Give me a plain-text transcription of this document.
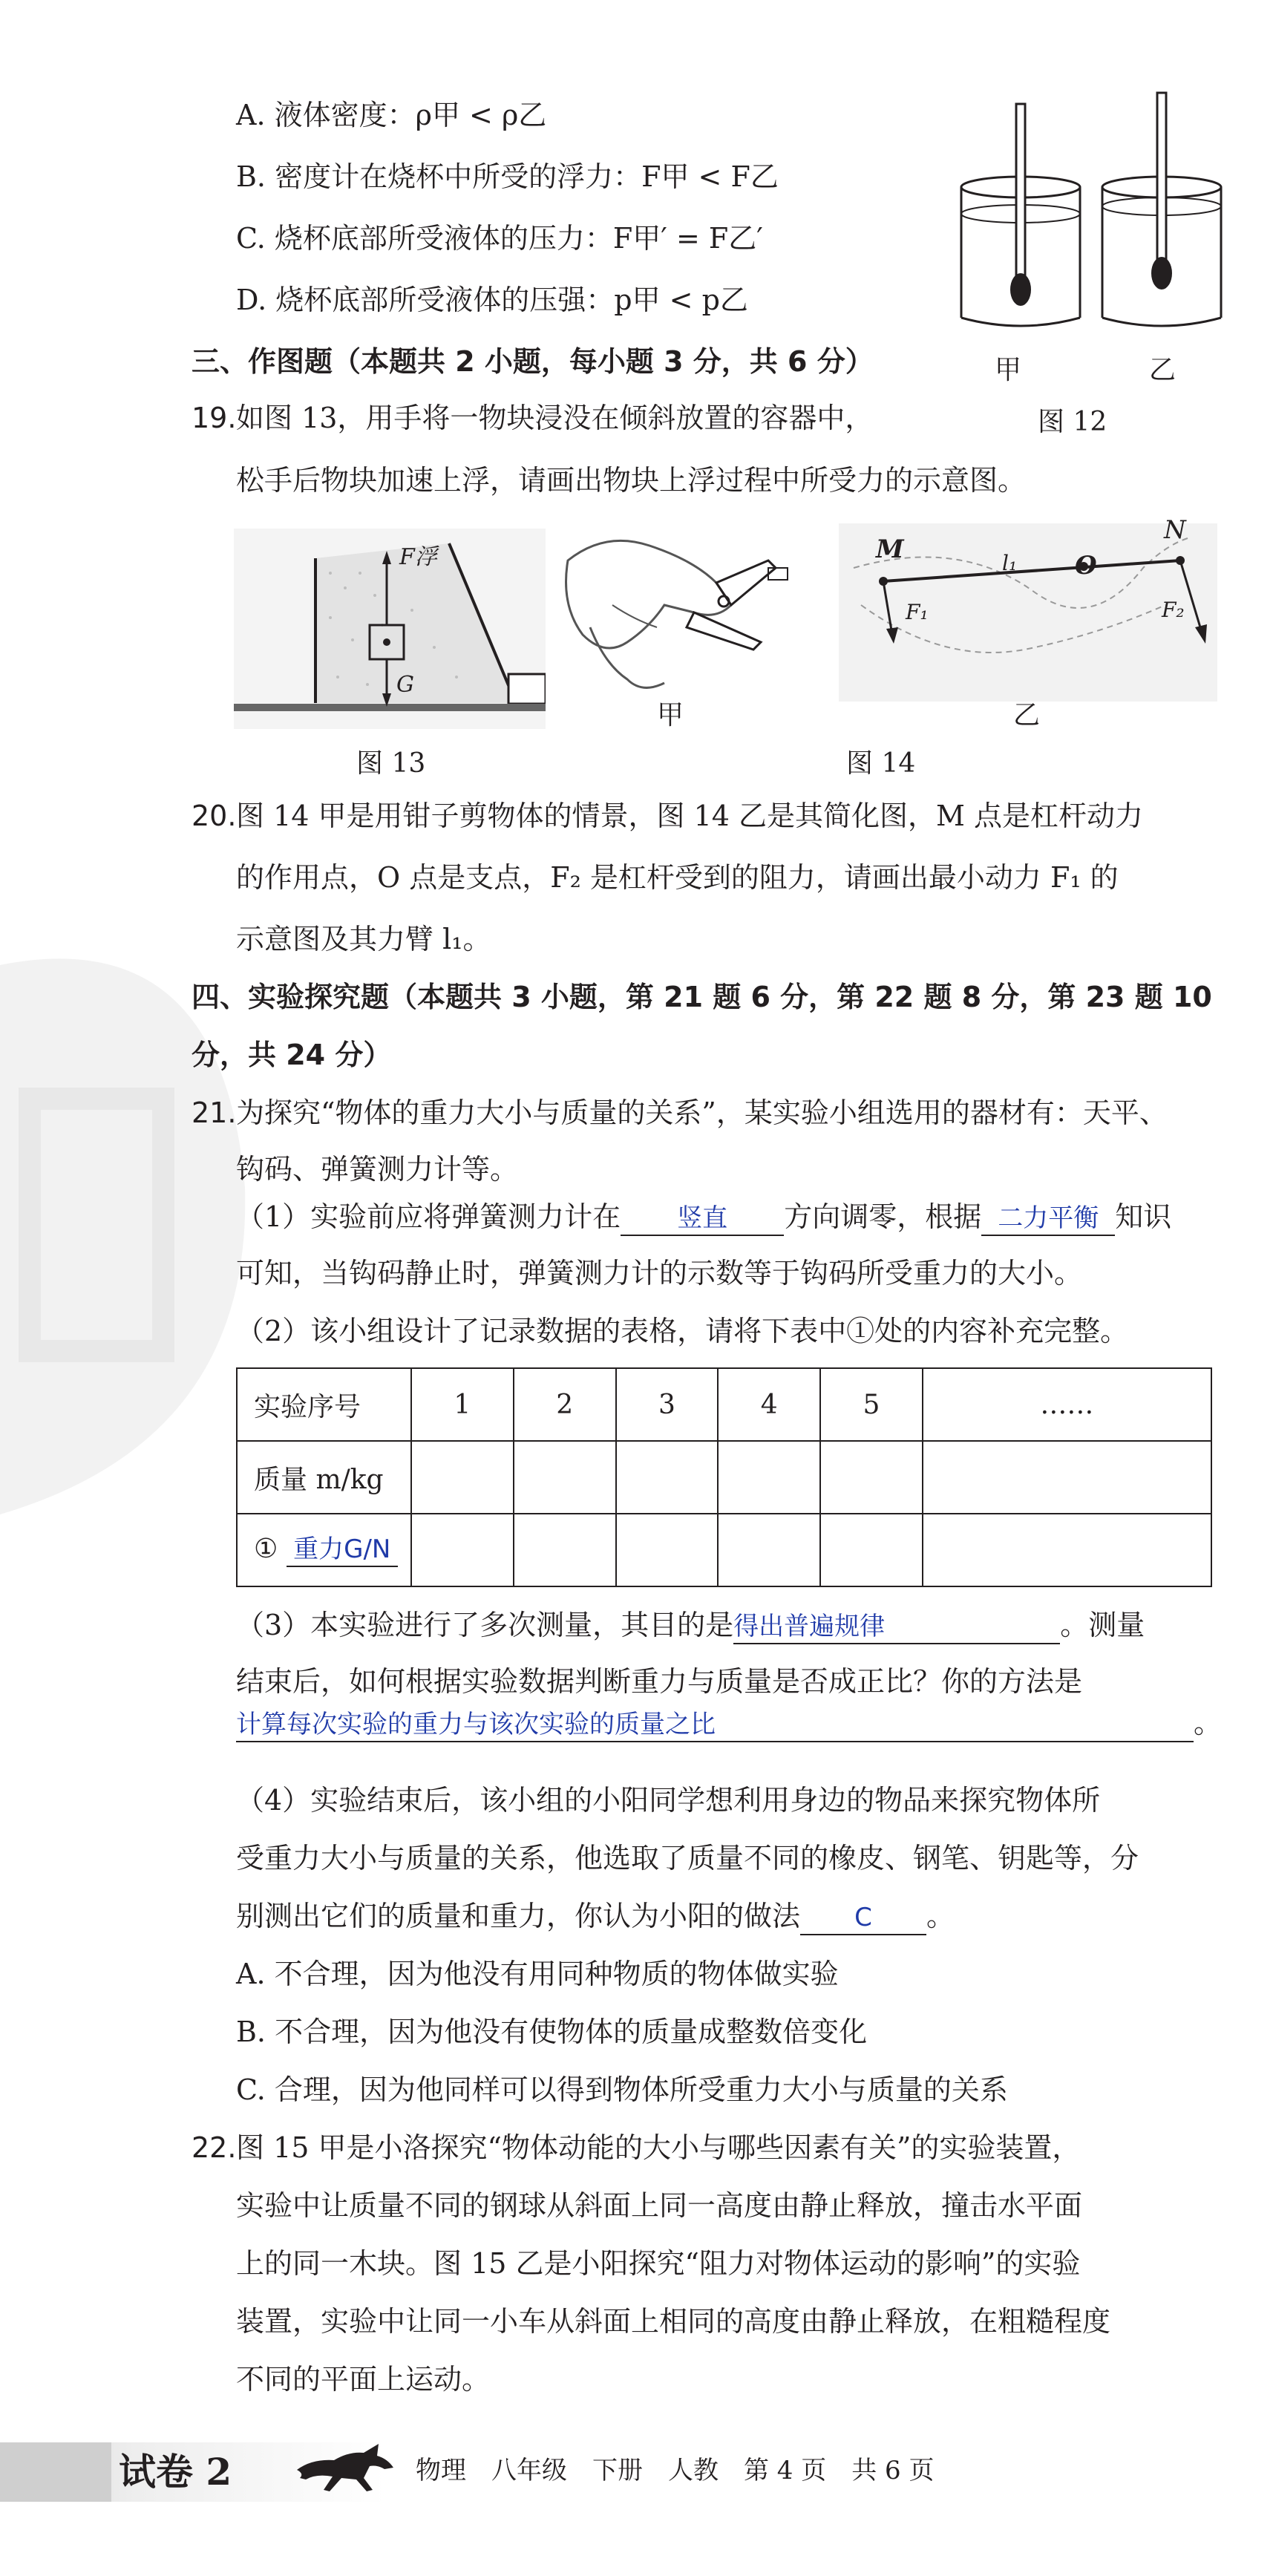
A. 液体密度：ρ甲 < ρ乙
B. 密度计在烧杯中所受的浮力：F甲 < F乙
C. 烧杯底部所受液体的压力：F甲′ = F乙′
D. 烧杯底部所受液体的压强：p甲 < p乙
甲	乙
图 12
三、作图题（本题共 2 小题，每小题 3 分，共 6 分）
19. 如图 13，用手将一物块浸没在倾斜放置的容器中，
松手后物块加速上浮，请画出物块上浮过程中所受力的示意图。
F浮
G
图 13
甲
M
N
O
l₁
F₁	F₂
乙
图 14
20. 图 14 甲是用钳子剪物体的情景，图 14 乙是其简化图，M 点是杠杆动力
的作用点，O 点是支点，F₂ 是杠杆受到的阻力，请画出最小动力 F₁ 的
示意图及其力臂 l₁。
四、实验探究题（本题共 3 小题，第 21 题 6 分，第 22 题 8 分，第 23 题 10
分，共 24 分）
21. 为探究“物体的重力大小与质量的关系”，某实验小组选用的器材有：天平、
钩码、弹簧测力计等。
（1）实验前应将弹簧测力计在 竖直 方向调零，根据 二力平衡 知识
可知，当钩码静止时，弹簧测力计的示数等于钩码所受重力的大小。
（2）该小组设计了记录数据的表格，请将下表中①处的内容补充完整。
实验序号	1	2	3	4	5	……
质量 m/kg						
① 重力G/N						
（3）本实验进行了多次测量，其目的是得出普遍规律	。测量
结束后，如何根据实验数据判断重力与质量是否成正比？你的方法是
计算每次实验的重力与该次实验的质量之比	。
（4）实验结束后，该小组的小阳同学想利用身边的物品来探究物体所
受重力大小与质量的关系，他选取了质量不同的橡皮、钢笔、钥匙等，分
别测出它们的质量和重力，你认为小阳的做法 C 。
A. 不合理，因为他没有用同种物质的物体做实验
B. 不合理，因为他没有使物体的质量成整数倍变化
C. 合理，因为他同样可以得到物体所受重力大小与质量的关系
22. 图 15 甲是小洛探究“物体动能的大小与哪些因素有关”的实验装置，
实验中让质量不同的钢球从斜面上同一高度由静止释放，撞击水平面
上的同一木块。图 15 乙是小阳探究“阻力对物体运动的影响”的实验
装置，实验中让同一小车从斜面上相同的高度由静止释放，在粗糙程度
不同的平面上运动。
试卷 2	物理　八年级　下册　人教　第 4 页　共 6 页
